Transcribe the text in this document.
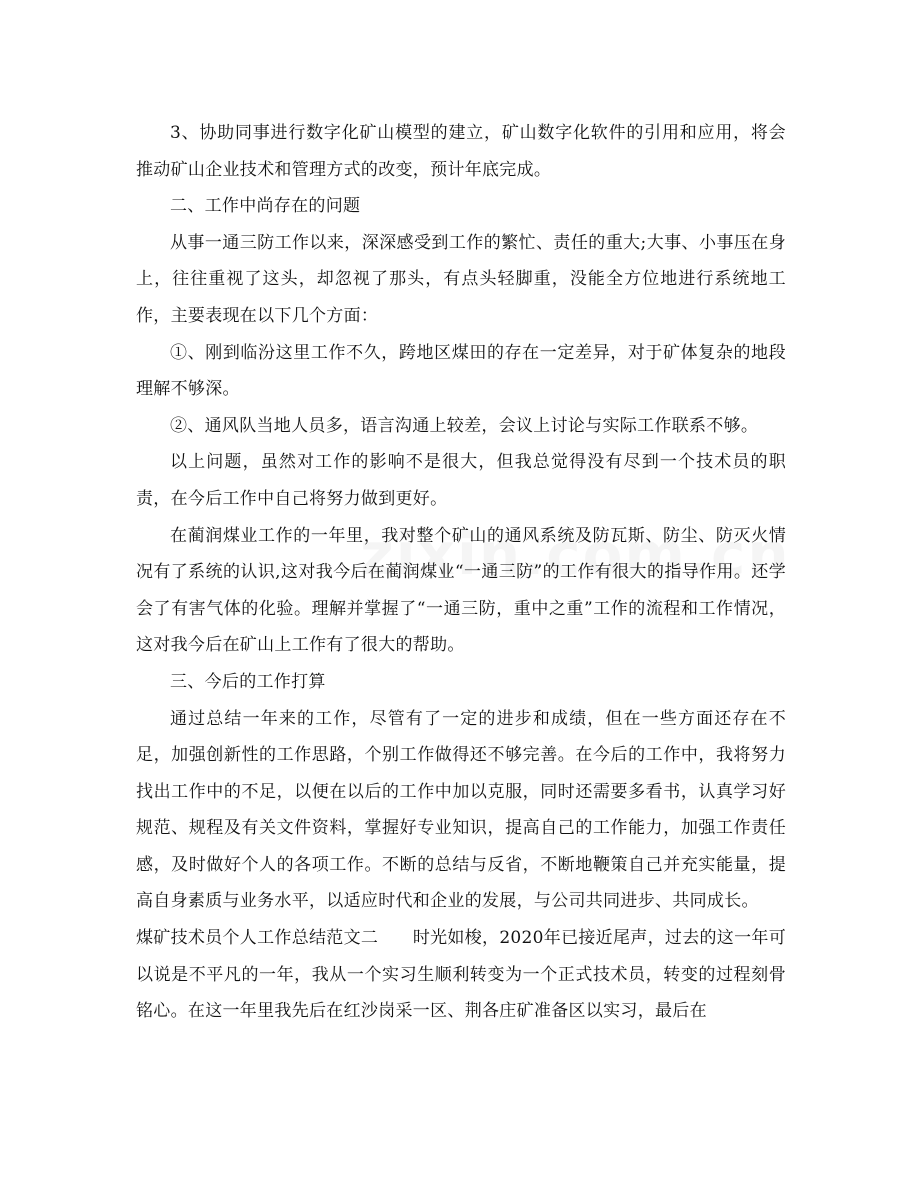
3、协助同事进行数字化矿山模型的建立，矿山数字化软件的引用和应用，将会推动矿山企业技术和管理方式的改变，预计年底完成。

二、工作中尚存在的问题

从事一通三防工作以来，深深感受到工作的繁忙、责任的重大;大事、小事压在身上，往往重视了这头，却忽视了那头，有点头轻脚重，没能全方位地进行系统地工作，主要表现在以下几个方面：

①、刚到临汾这里工作不久，跨地区煤田的存在一定差异，对于矿体复杂的地段理解不够深。

②、通风队当地人员多，语言沟通上较差，会议上讨论与实际工作联系不够。

以上问题，虽然对工作的影响不是很大，但我总觉得没有尽到一个技术员的职责，在今后工作中自己将努力做到更好。

在蔺润煤业工作的一年里，我对整个矿山的通风系统及防瓦斯、防尘、防灭火情况有了系统的认识,这对我今后在蔺润煤业“一通三防”的工作有很大的指导作用。还学会了有害气体的化验。理解并掌握了“一通三防，重中之重”工作的流程和工作情况，这对我今后在矿山上工作有了很大的帮助。

三、今后的工作打算

通过总结一年来的工作，尽管有了一定的进步和成绩，但在一些方面还存在不足，加强创新性的工作思路，个别工作做得还不够完善。在今后的工作中，我将努力找出工作中的不足，以便在以后的工作中加以克服，同时还需要多看书，认真学习好规范、规程及有关文件资料，掌握好专业知识，提高自己的工作能力，加强工作责任感，及时做好个人的各项工作。不断的总结与反省，不断地鞭策自己并充实能量，提高自身素质与业务水平，以适应时代和企业的发展，与公司共同进步、共同成长。

煤矿技术员个人工作总结范文二　　时光如梭，2020年已接近尾声，过去的这一年可以说是不平凡的一年，我从一个实习生顺利转变为一个正式技术员，转变的过程刻骨铭心。在这一年里我先后在红沙岗采一区、荆各庄矿准备区以实习，最后在
